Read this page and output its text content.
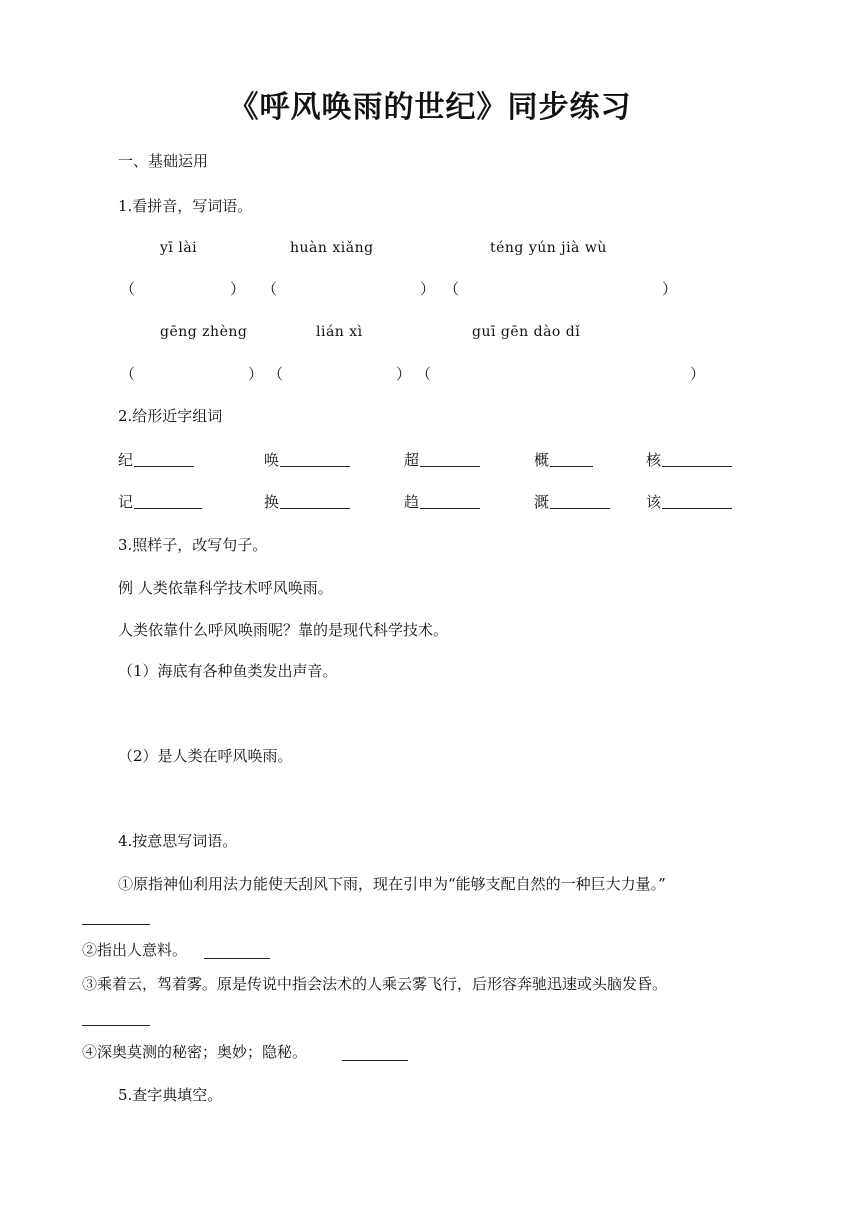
《呼风唤雨的世纪》同步练习
一、基础运用
1.看拼音，写词语。
yī lài	huàn xiǎng	téng yún jià wù
（	） （	） （	）
gēng zhèng	lián xì	guī gēn dào dǐ
（	） （	） （	）
2.给形近字组词
纪	唤	超	概	核
记	换	趋	溉	该
3.照样子，改写句子。
例 人类依靠科学技术呼风唤雨。
人类依靠什么呼风唤雨呢？靠的是现代科学技术。
（1）海底有各种鱼类发出声音。
（2）是人类在呼风唤雨。
4.按意思写词语。
①原指神仙利用法力能使天刮风下雨，现在引申为“能够支配自然的一种巨大力量。”
②指出人意料。
③乘着云，驾着雾。原是传说中指会法术的人乘云雾飞行，后形容奔驰迅速或头脑发昏。
④深奥莫测的秘密；奥妙；隐秘。
5.查字典填空。
